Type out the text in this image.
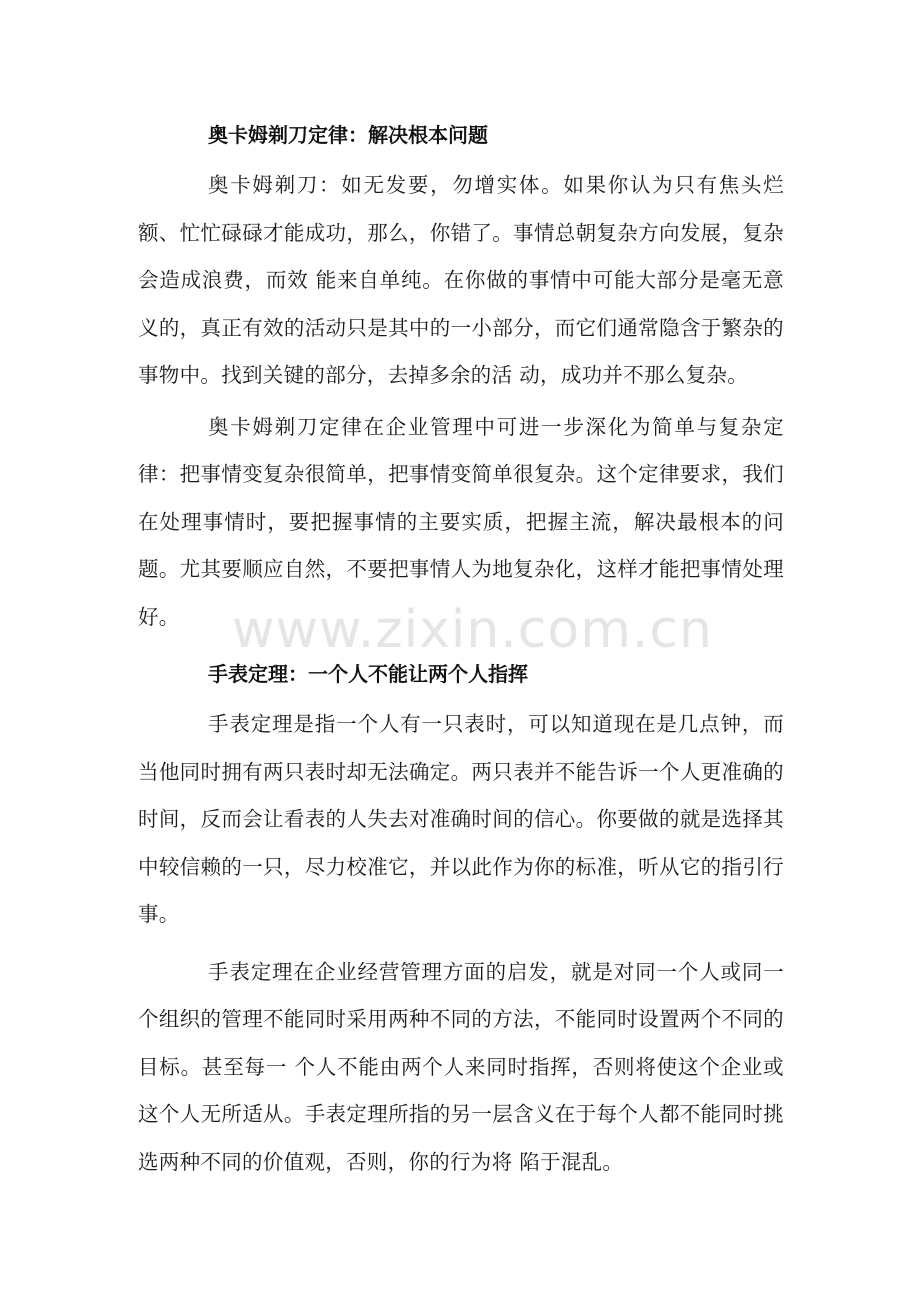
奥卡姆剃刀定律：解决根本问题

奥卡姆剃刀：如无发要，勿增实体。如果你认为只有焦头烂额、忙忙碌碌才能成功，那么，你错了。事情总朝复杂方向发展，复杂会造成浪费，而效 能来自单纯。在你做的事情中可能大部分是毫无意义的，真正有效的活动只是其中的一小部分，而它们通常隐含于繁杂的事物中。找到关键的部分，去掉多余的活 动，成功并不那么复杂。

奥卡姆剃刀定律在企业管理中可进一步深化为简单与复杂定律：把事情变复杂很简单，把事情变简单很复杂。这个定律要求，我们在处理事情时，要把握事情的主要实质，把握主流，解决最根本的问题。尤其要顺应自然，不要把事情人为地复杂化，这样才能把事情处理好。

手表定理：一个人不能让两个人指挥

手表定理是指一个人有一只表时，可以知道现在是几点钟，而当他同时拥有两只表时却无法确定。两只表并不能告诉一个人更准确的时间，反而会让看表的人失去对准确时间的信心。你要做的就是选择其中较信赖的一只，尽力校准它，并以此作为你的标准，听从它的指引行事。

手表定理在企业经营管理方面的启发，就是对同一个人或同一个组织的管理不能同时采用两种不同的方法，不能同时设置两个不同的目标。甚至每一 个人不能由两个人来同时指挥，否则将使这个企业或这个人无所适从。手表定理所指的另一层含义在于每个人都不能同时挑选两种不同的价值观，否则，你的行为将 陷于混乱。

www.zixin.com.cn
